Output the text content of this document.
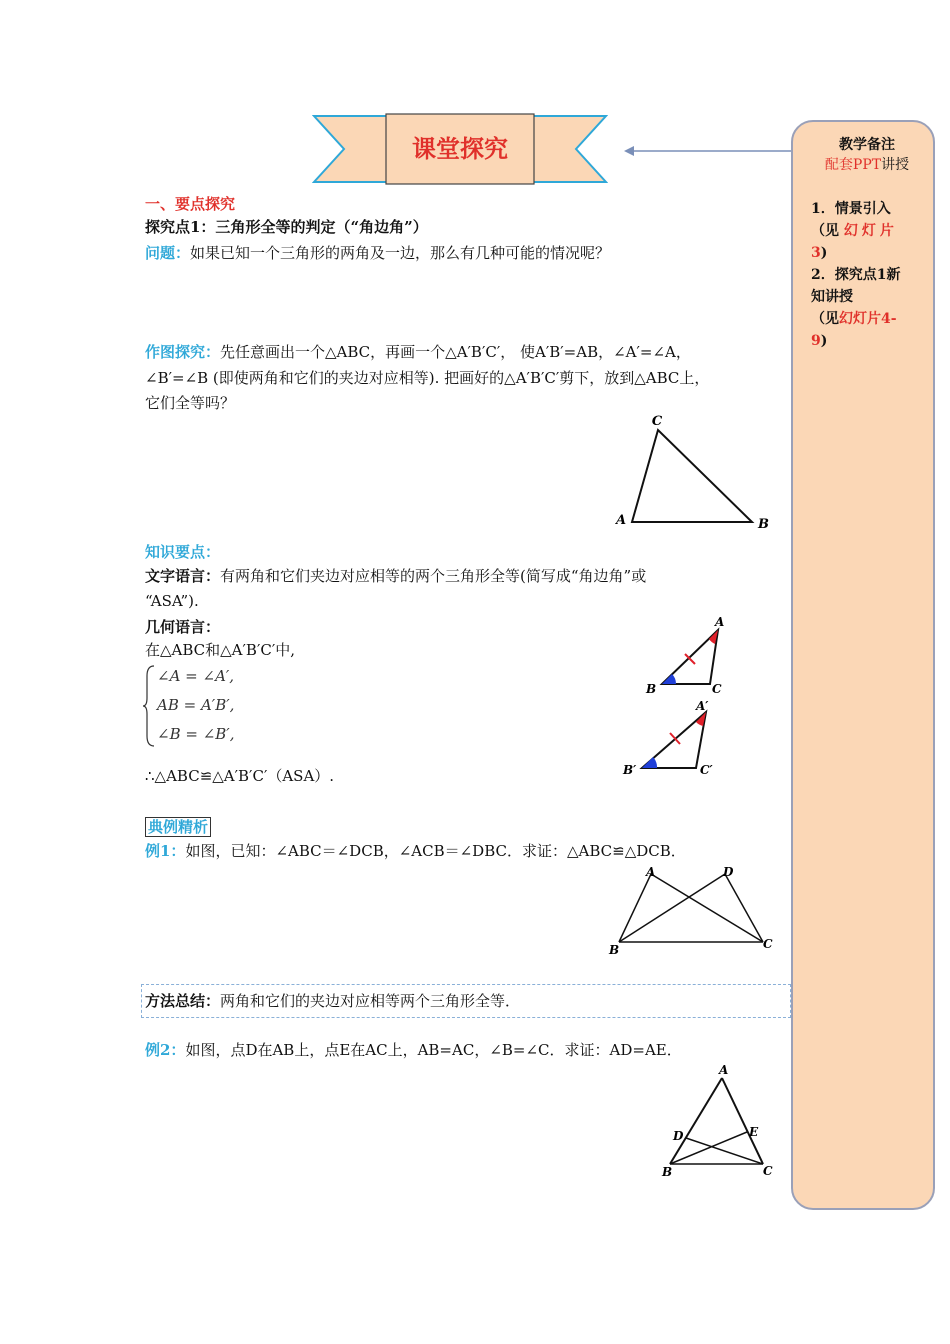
课堂探究	教学备注
配套PPT讲授
1．情景引入
（见 幻灯片
3)
2．探究点1新
知讲授
（见幻灯片4-
9)
一、要点探究
探究点1：三角形全等的判定（“角边角”）
问题：如果已知一个三角形的两角及一边，那么有几种可能的情况呢？
作图探究：先任意画出一个△ABC，再画一个△A′B′C′， 使A′B′=AB，∠A′=∠A，
∠B′=∠B (即使两角和它们的夹边对应相等). 把画好的△A′B′C′剪下，放到△ABC上，
它们全等吗？
C
A	B
知识要点：
文字语言：有两角和它们夹边对应相等的两个三角形全等(简写成“角边角”或
“ASA”).
几何语言：
在△ABC和△A′B′C′中,
∠A = ∠A′,
AB = A′B′,
∠B = ∠B′,
∴△ABC≌△A′B′C′（ASA）.
A
B	C
A′
B′	C′
典例精析
例1：如图，已知：∠ABC＝∠DCB，∠ACB＝∠DBC．求证：△ABC≌△DCB．
A	D
B	C
方法总结：两角和它们的夹边对应相等两个三角形全等．
例2：如图，点D在AB上，点E在AC上，AB=AC，∠B=∠C．求证：AD=AE．
A
D	E
B	C
